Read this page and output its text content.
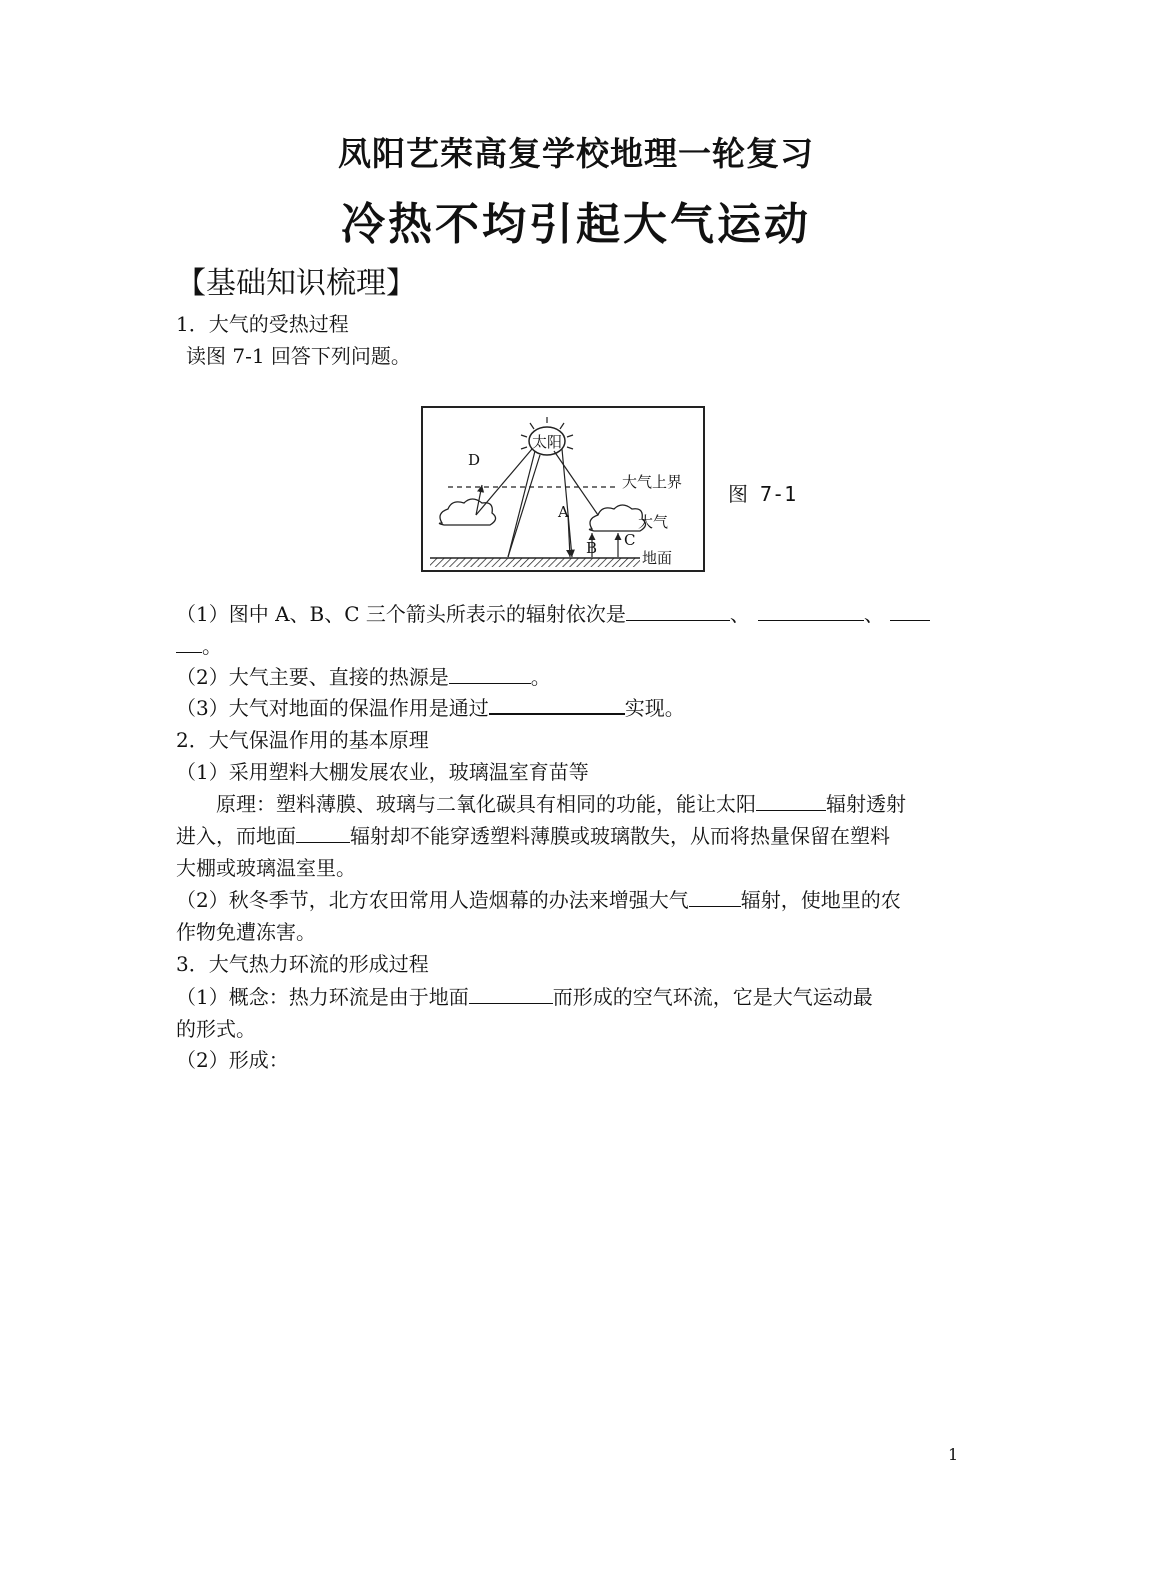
凤阳艺荣高复学校地理一轮复习
冷热不均引起大气运动
【基础知识梳理】
1．大气的受热过程
读图 7-1 回答下列问题。
太阳
大气上界
地面
大气
D
A
B C
图 7-1
（1）图中 A、B、C 三个箭头所表示的辐射依次是	、	、
。
（2）大气主要、直接的热源是	。
（3）大气对地面的保温作用是通过	实现。
2．大气保温作用的基本原理
（1）采用塑料大棚发展农业，玻璃温室育苗等
原理：塑料薄膜、玻璃与二氧化碳具有相同的功能，能让太阳	辐射透射
进入，而地面	辐射却不能穿透塑料薄膜或玻璃散失，从而将热量保留在塑料
大棚或玻璃温室里。
（2）秋冬季节，北方农田常用人造烟幕的办法来增强大气	辐射，使地里的农
作物免遭冻害。
3．大气热力环流的形成过程
（1）概念：热力环流是由于地面	而形成的空气环流，它是大气运动最
的形式。
（2）形成：
1
